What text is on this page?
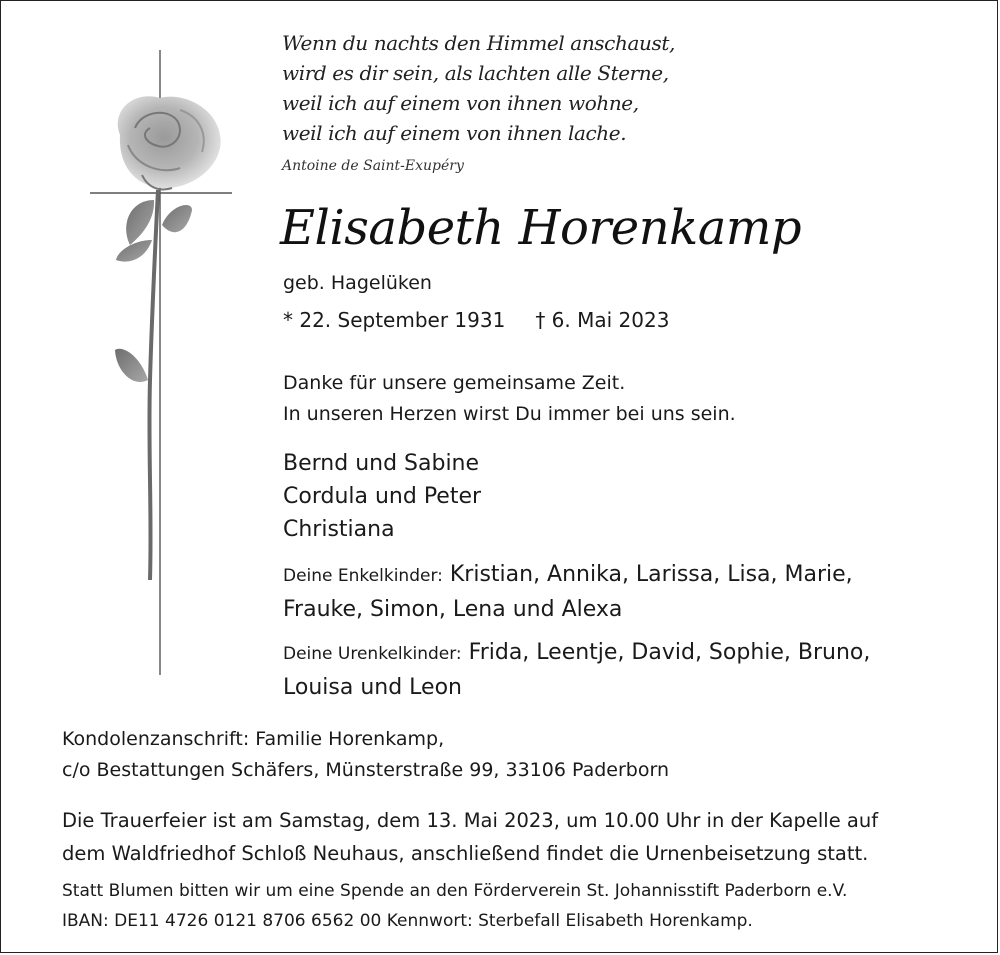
Wenn du nachts den Himmel anschaust,
wird es dir sein, als lachten alle Sterne,
weil ich auf einem von ihnen wohne,
weil ich auf einem von ihnen lache.
Antoine de Saint-Exupéry
Elisabeth Horenkamp
geb. Hagelüken
* 22. September 1931 † 6. Mai 2023
Danke für unsere gemeinsame Zeit.
In unseren Herzen wirst Du immer bei uns sein.
Bernd und Sabine
Cordula und Peter
Christiana
Deine Enkelkinder: Kristian, Annika, Larissa, Lisa, Marie,
Frauke, Simon, Lena und Alexa
Deine Urenkelkinder: Frida, Leentje, David, Sophie, Bruno,
Louisa und Leon
Kondolenzanschrift: Familie Horenkamp,
c/o Bestattungen Schäfers, Münsterstraße 99, 33106 Paderborn
Die Trauerfeier ist am Samstag, dem 13. Mai 2023, um 10.00 Uhr in der Kapelle auf
dem Waldfriedhof Schloß Neuhaus, anschließend findet die Urnenbeisetzung statt.
Statt Blumen bitten wir um eine Spende an den Förderverein St. Johannisstift Paderborn e.V.
IBAN: DE11 4726 0121 8706 6562 00 Kennwort: Sterbefall Elisabeth Horenkamp.
